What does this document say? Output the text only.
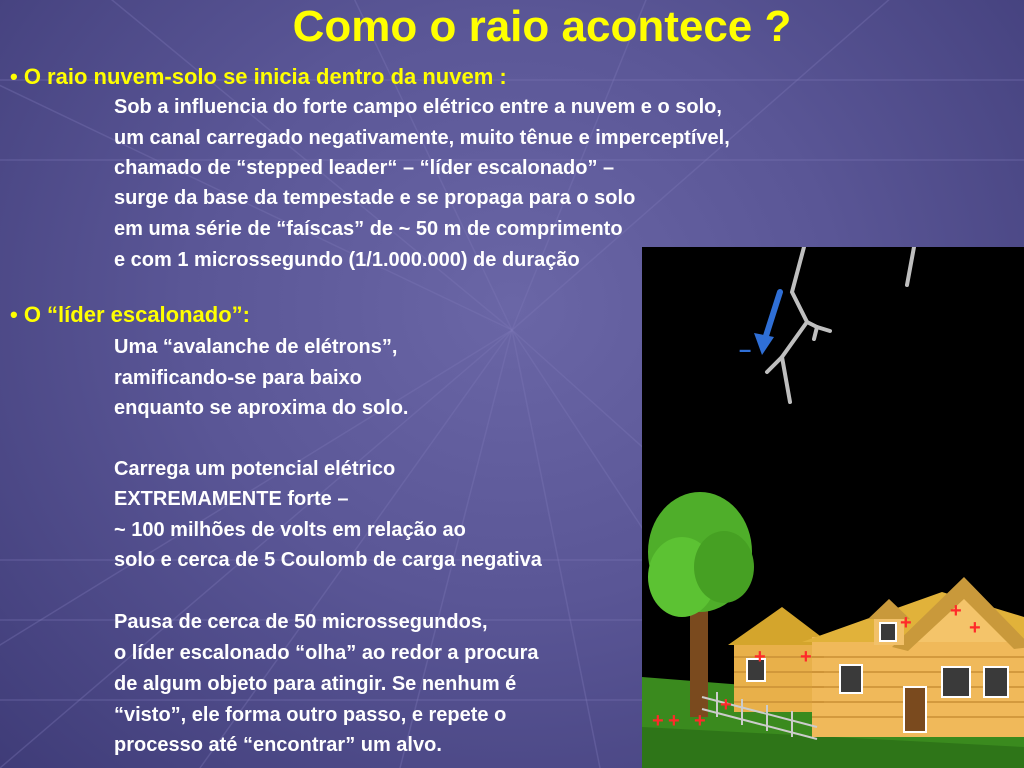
Como o raio acontece ?
• O raio nuvem-solo se inicia dentro da nuvem :
Sob a influencia do forte campo elétrico entre a nuvem e o solo,
um canal carregado negativamente, muito tênue e imperceptível,
chamado de “stepped leader“ – “líder escalonado” –
surge da base da tempestade e se propaga para o solo
em uma série de “faíscas” de ~ 50 m de comprimento
–
+
+
+
+ +
+
+
+ +
e com 1 microssegundo (1/1.000.000) de duração
• O “líder escalonado”:
Uma “avalanche de elétrons”,
ramificando-se para baixo
enquanto se aproxima do solo.
Carrega um potencial elétrico
EXTREMAMENTE forte –
~ 100 milhões de volts em relação ao
solo e cerca de 5 Coulomb de carga negativa
Pausa de cerca de 50 microssegundos,
o líder escalonado “olha” ao redor a procura
de algum objeto para atingir. Se nenhum é
“visto”, ele forma outro passo, e repete o
processo até “encontrar” um alvo.
